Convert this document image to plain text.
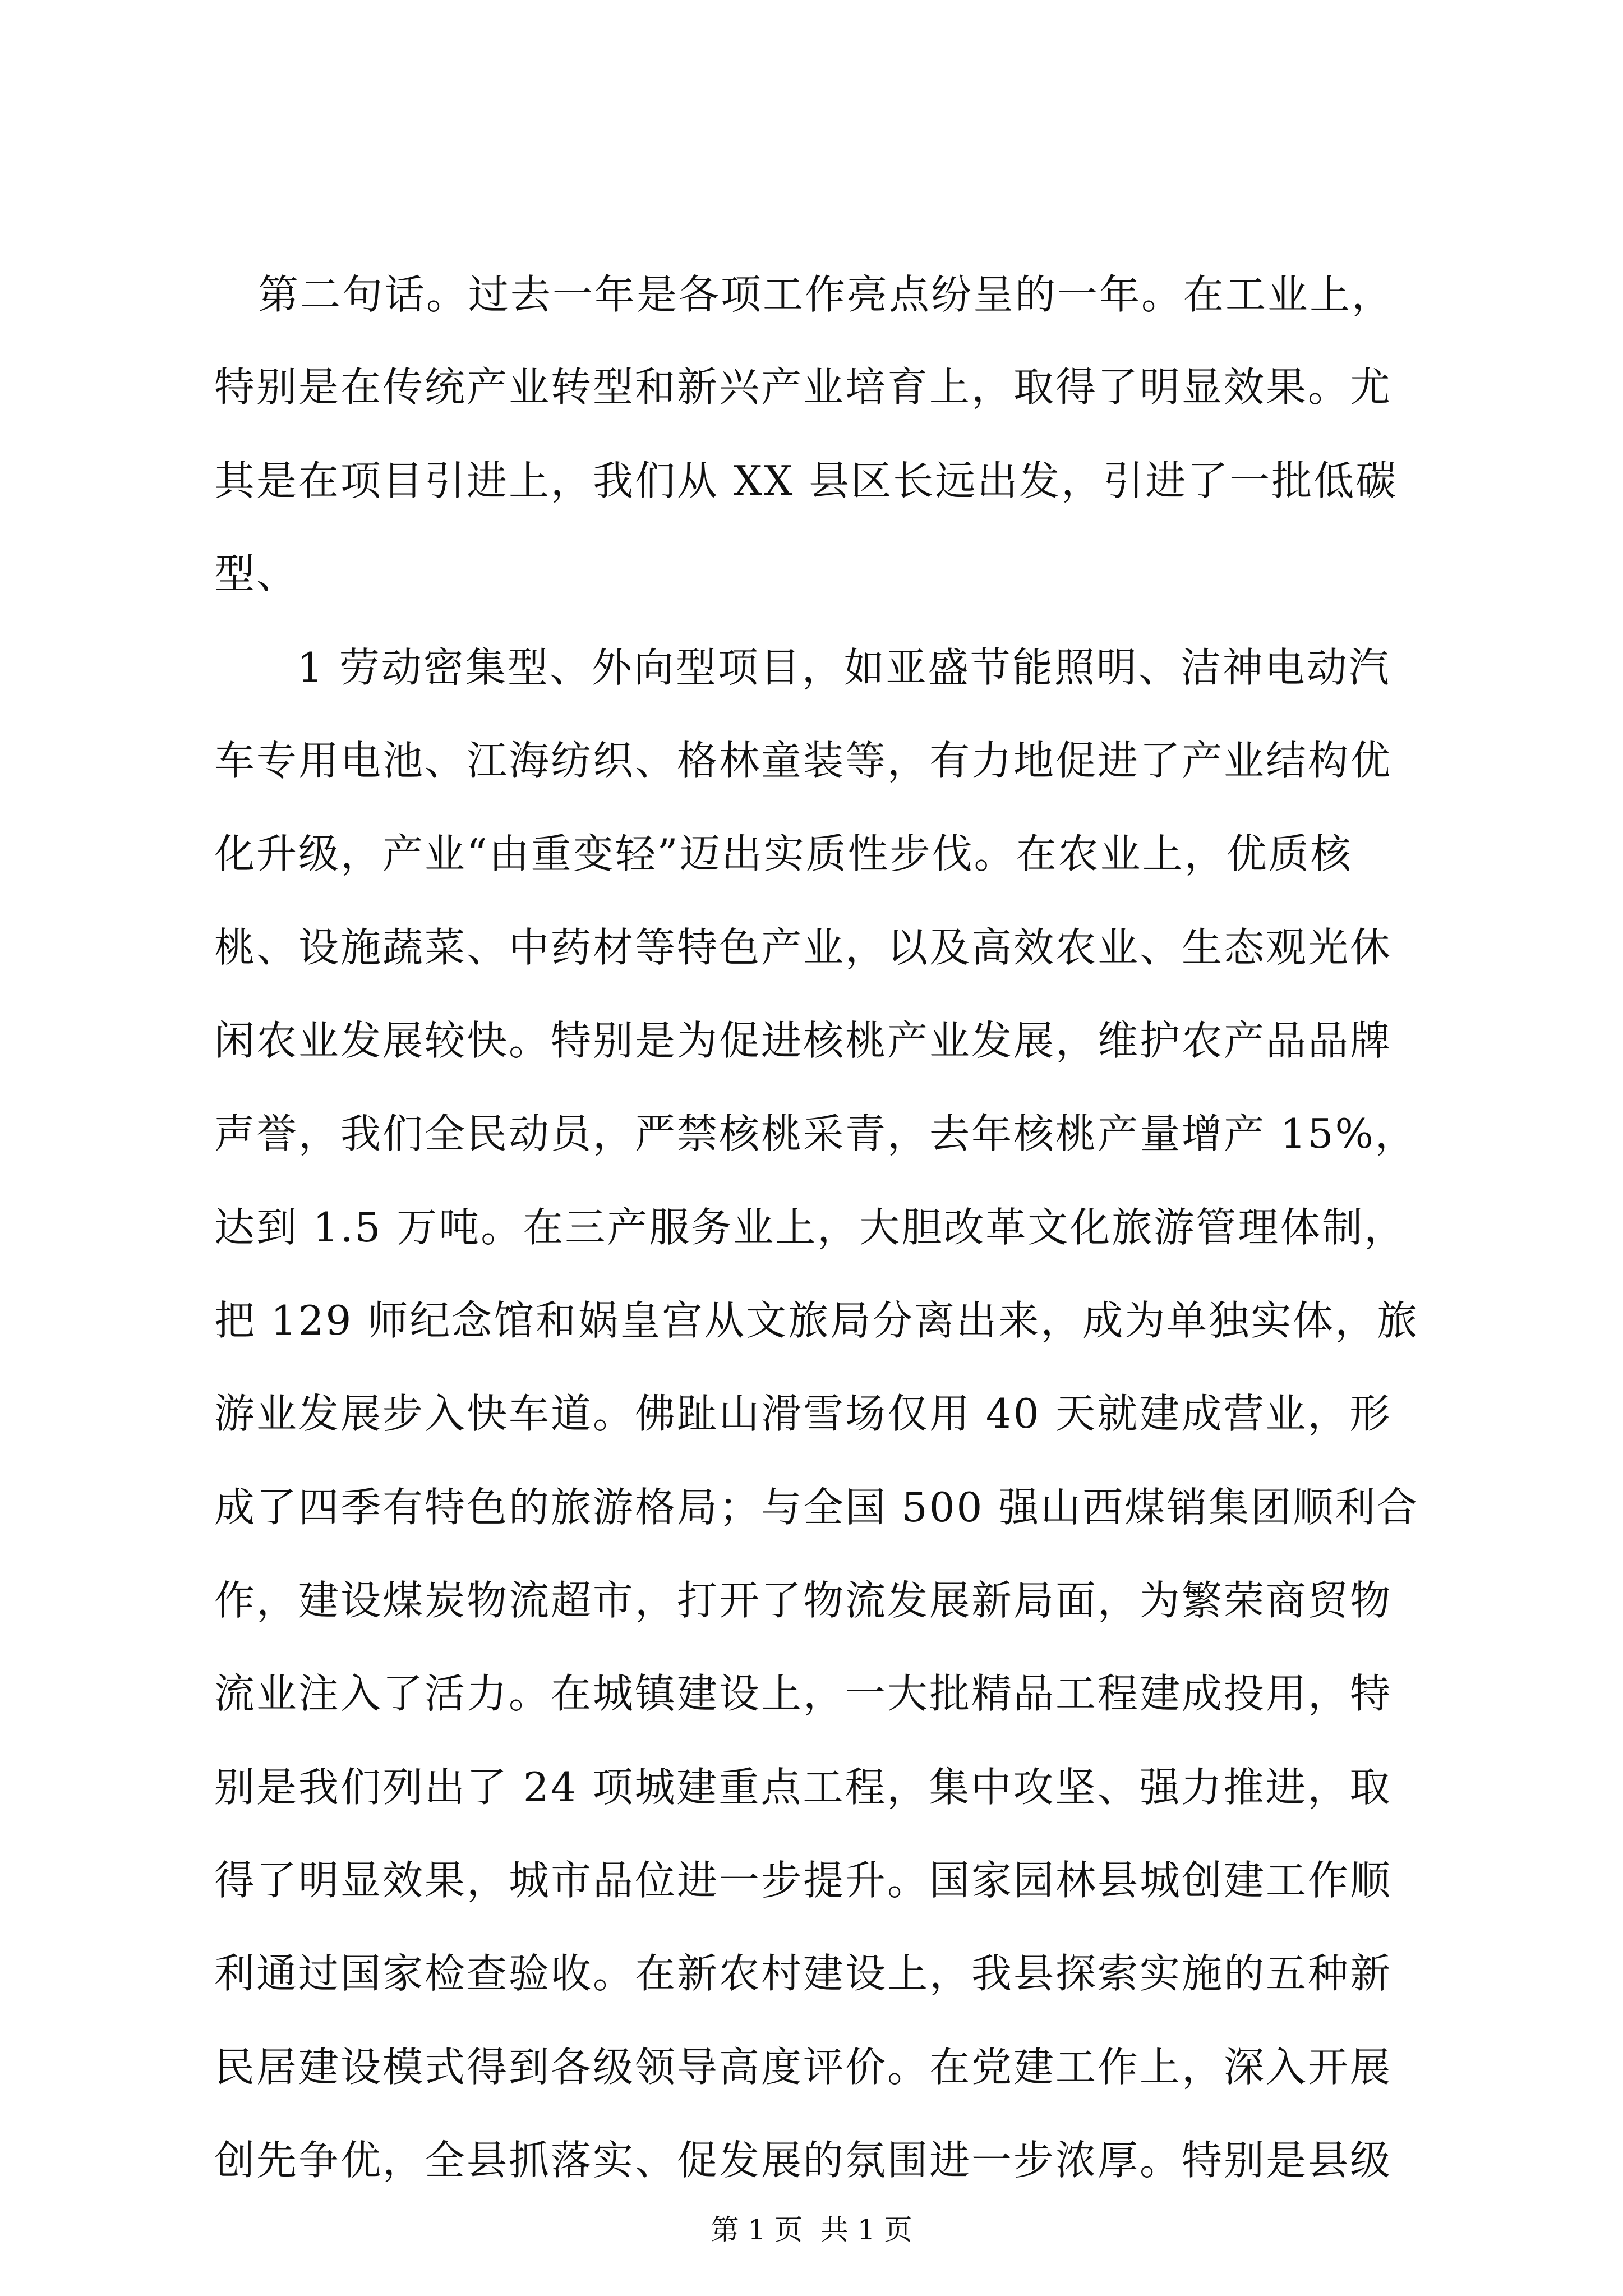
第二句话。过去一年是各项工作亮点纷呈的一年。在工业上，
特别是在传统产业转型和新兴产业培育上，取得了明显效果。尤
其是在项目引进上，我们从 XX 县区长远出发，引进了一批低碳
型、
1 劳动密集型、外向型项目，如亚盛节能照明、洁神电动汽
车专用电池、江海纺织、格林童装等，有力地促进了产业结构优
化升级，产业“由重变轻”迈出实质性步伐。在农业上，优质核
桃、设施蔬菜、中药材等特色产业，以及高效农业、生态观光休
闲农业发展较快。特别是为促进核桃产业发展，维护农产品品牌
声誉，我们全民动员，严禁核桃采青，去年核桃产量增产 15%，
达到 1.5 万吨。在三产服务业上，大胆改革文化旅游管理体制，
把 129 师纪念馆和娲皇宫从文旅局分离出来，成为单独实体，旅
游业发展步入快车道。佛趾山滑雪场仅用 40 天就建成营业，形
成了四季有特色的旅游格局；与全国 500 强山西煤销集团顺利合
作，建设煤炭物流超市，打开了物流发展新局面，为繁荣商贸物
流业注入了活力。在城镇建设上，一大批精品工程建成投用，特
别是我们列出了 24 项城建重点工程，集中攻坚、强力推进，取
得了明显效果，城市品位进一步提升。国家园林县城创建工作顺
利通过国家检查验收。在新农村建设上，我县探索实施的五种新
民居建设模式得到各级领导高度评价。在党建工作上，深入开展
创先争优，全县抓落实、促发展的氛围进一步浓厚。特别是县级
第 1 页  共 1 页
